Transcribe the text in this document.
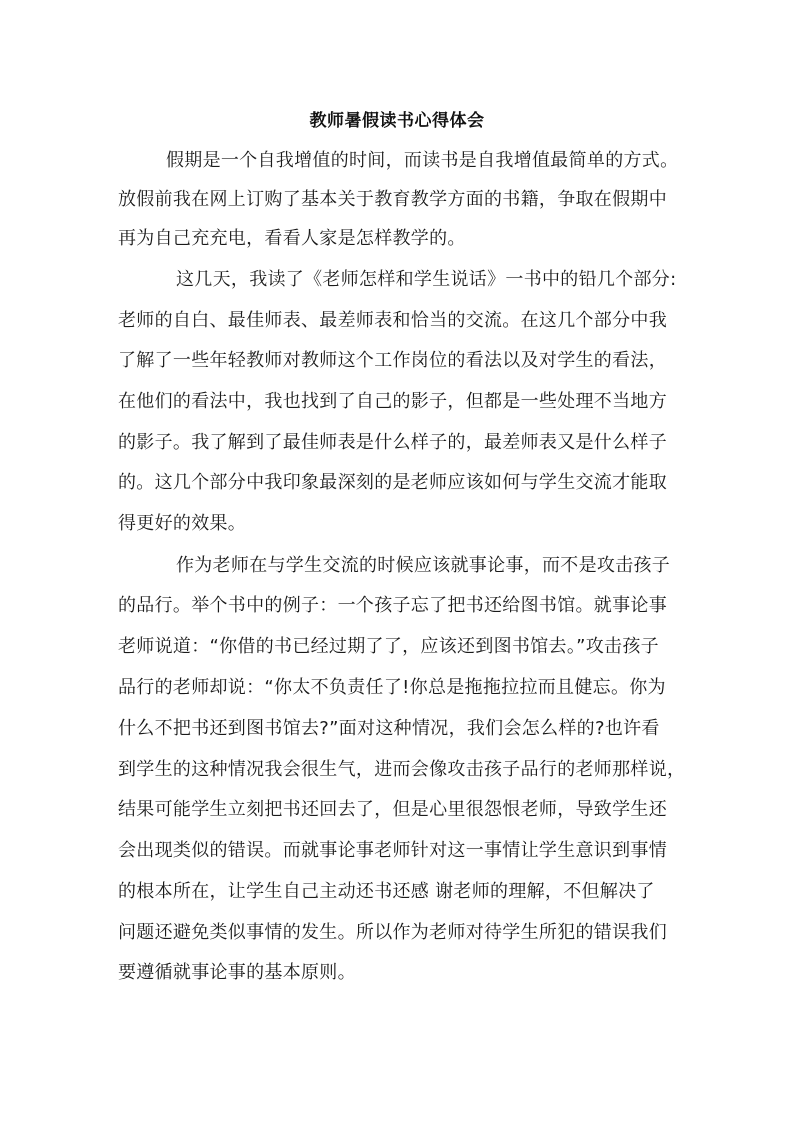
教师暑假读书心得体会
假期是一个自我增值的时间，而读书是自我增值最简单的方式。
放假前我在网上订购了基本关于教育教学方面的书籍，争取在假期中
再为自己充充电，看看人家是怎样教学的。
这几天，我读了《老师怎样和学生说话》一书中的铅几个部分:
老师的自白、最佳师表、最差师表和恰当的交流。在这几个部分中我
了解了一些年轻教师对教师这个工作岗位的看法以及对学生的看法，
在他们的看法中，我也找到了自己的影子，但都是一些处理不当地方
的影子。我了解到了最佳师表是什么样子的，最差师表又是什么样子
的。这几个部分中我印象最深刻的是老师应该如何与学生交流才能取
得更好的效果。
作为老师在与学生交流的时候应该就事论事，而不是攻击孩子
的品行。举个书中的例子：一个孩子忘了把书还给图书馆。就事论事
老师说道：“你借的书已经过期了了，应该还到图书馆去。”攻击孩子
品行的老师却说：“你太不负责任了!你总是拖拖拉拉而且健忘。你为
什么不把书还到图书馆去?”面对这种情况，我们会怎么样的?也许看
到学生的这种情况我会很生气，进而会像攻击孩子品行的老师那样说，
结果可能学生立刻把书还回去了，但是心里很怨恨老师，导致学生还
会出现类似的错误。而就事论事老师针对这一事情让学生意识到事情
的根本所在，让学生自己主动还书还感 谢老师的理解，不但解决了
问题还避免类似事情的发生。所以作为老师对待学生所犯的错误我们
要遵循就事论事的基本原则。
